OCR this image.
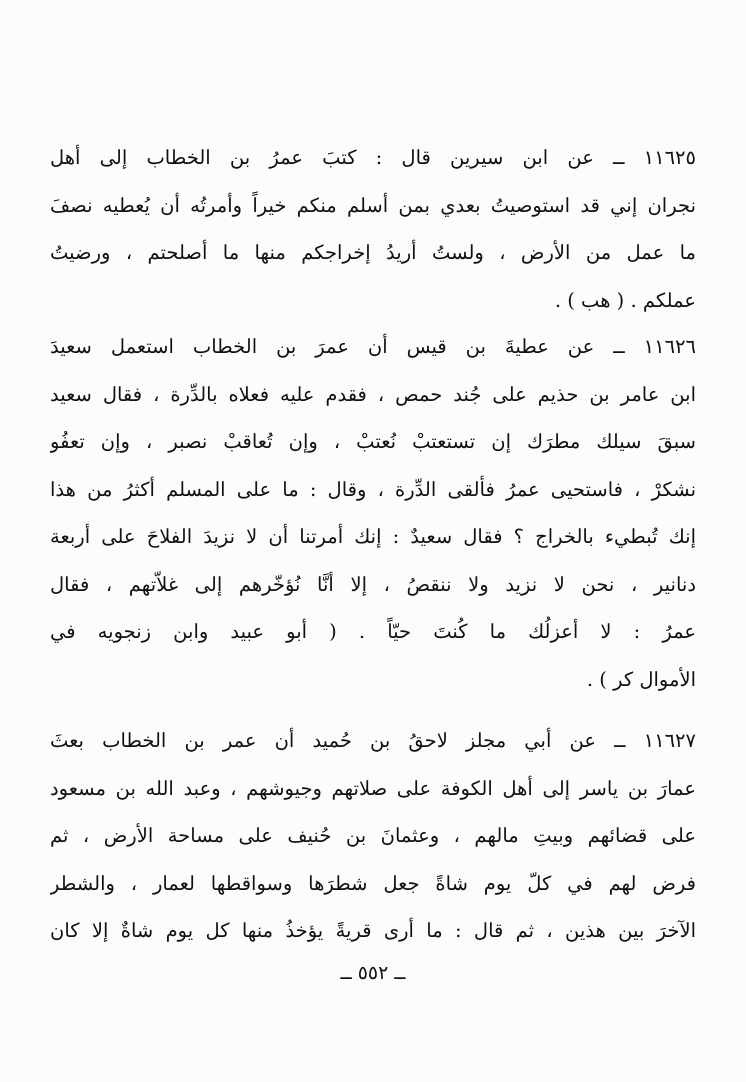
١١٦٢٥ ــ عن ابن سيرين قال : كتبَ عمرُ بن الخطاب إلى أهل
نجران إني قد استوصيتُ بعدي بمن أسلم منكم خيراً وأمرتُه أن يُعطيه نصفَ
ما عمل من الأرض ، ولستُ أريدُ إخراجكم منها ما أصلحتم ، ورضيتُ
عملكم . ( هب ) .
١١٦٢٦ ــ عن عطيةَ بن قيس أن عمرَ بن الخطاب استعمل سعيدَ
ابن عامر بن حذيم على جُند حمص ، فقدم عليه فعلاه بالدِّرة ، فقال سعيد
سبقَ سيلك مطرَك إن تستعتبْ نُعتبْ ، وإن تُعاقبْ نصبر ، وإن تعفُو
نشكرْ ، فاستحيى عمرُ فألقى الدِّرة ، وقال : ما على المسلم أكثرُ من هذا
إنك تُبطيء بالخراج ؟ فقال سعيدٌ : إنك أمرتنا أن لا نزيدَ الفلاحَ على أربعة
دنانير ، نحن لا نزيد ولا ننقصُ ، إلا أنَّا نُؤخّرهم إلى غلاّتهم ، فقال
عمرُ : لا أعزلُك ما كُنتَ حيّاً . ( أبو عبيد وابن زنجويه في
الأموال كر ) .
١١٦٢٧ ــ عن أبي مجلز لاحقُ بن حُميد أن عمر بن الخطاب بعثَ
عمارَ بن ياسر إلى أهل الكوفة على صلاتهم وجيوشهم ، وعبد الله بن مسعود
على قضائهم وبيتِ مالهم ، وعثمانَ بن حُنيف على مساحة الأرض ، ثم
فرض لهم في كلّ يوم شاةً جعل شطرَها وسواقطها لعمار ، والشطر
الآخرَ بين هذين ، ثم قال : ما أرى قريةً يؤخذُ منها كل يوم شاةٌ إلا كان
ــ ٥٥٢ ــ
